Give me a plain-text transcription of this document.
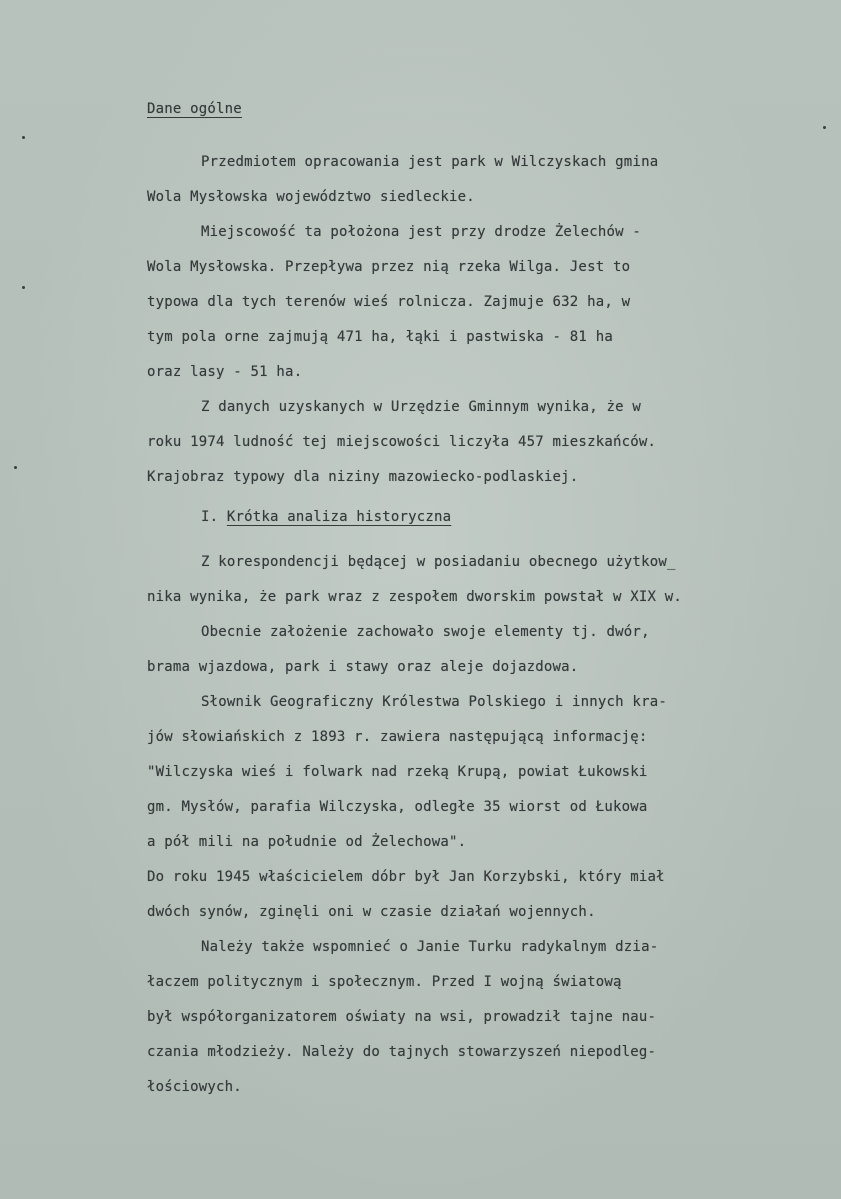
Dane ogólne
Przedmiotem opracowania jest park w Wilczyskach gmina
Wola Mysłowska województwo siedleckie.
Miejscowość ta położona jest przy drodze Żelechów -
Wola Mysłowska. Przepływa przez nią rzeka Wilga. Jest to
typowa dla tych terenów wieś rolnicza. Zajmuje 632 ha, w
tym pola orne zajmują 471 ha, łąki i pastwiska - 81 ha
oraz lasy - 51 ha.
Z danych uzyskanych w Urzędzie Gminnym wynika, że w
roku 1974 ludność tej miejscowości liczyła 457 mieszkańców.
Krajobraz typowy dla niziny mazowiecko-podlaskiej.
I. Krótka analiza historyczna
Z korespondencji będącej w posiadaniu obecnego użytkow_
nika wynika, że park wraz z zespołem dworskim powstał w XIX w.
Obecnie założenie zachowało swoje elementy tj. dwór,
brama wjazdowa, park i stawy oraz aleje dojazdowa.
Słownik Geograficzny Królestwa Polskiego i innych kra-
jów słowiańskich z 1893 r. zawiera następującą informację:
"Wilczyska wieś i folwark nad rzeką Krupą, powiat Łukowski
gm. Mysłów, parafia Wilczyska, odległe 35 wiorst od Łukowa
a pół mili na południe od Żelechowa".
Do roku 1945 właścicielem dóbr był Jan Korzybski, który miał
dwóch synów, zginęli oni w czasie działań wojennych.
Należy także wspomnieć o Janie Turku radykalnym dzia-
łaczem politycznym i społecznym. Przed I wojną światową
był współorganizatorem oświaty na wsi, prowadził tajne nau-
czania młodzieży. Należy do tajnych stowarzyszeń niepodleg-
łościowych.
